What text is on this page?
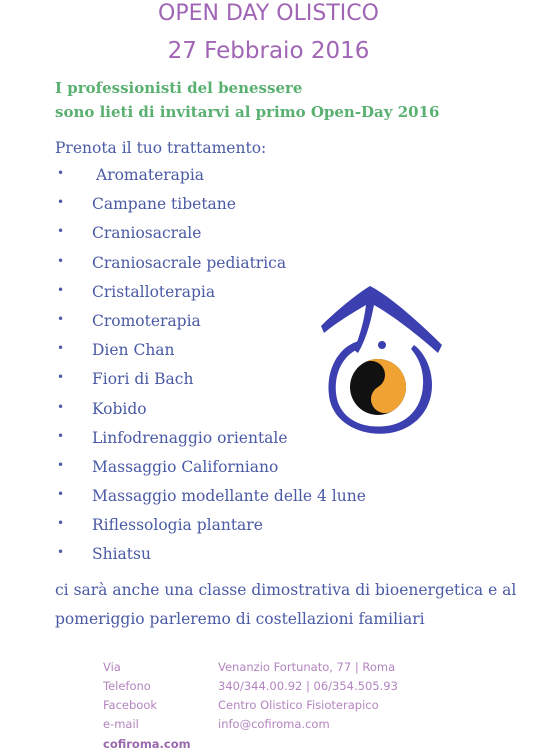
OPEN DAY OLISTICO
27 Febbraio 2016
I professionisti del benessere
sono lieti di invitarvi al primo Open-Day 2016
Prenota il tuo trattamento:
• Aromaterapia
• Campane tibetane
• Craniosacrale
• Craniosacrale pediatrica
• Cristalloterapia
• Cromoterapia
• Dien Chan
• Fiori di Bach
• Kobido
• Linfodrenaggio orientale
• Massaggio Californiano
• Massaggio modellante delle 4 lune
• Riflessologia plantare
• Shiatsu
ci sarà anche una classe dimostrativa di bioenergetica e al pomeriggio parleremo di costellazioni familiari
Via
Telefono
Facebook
e-mail
Venanzio Fortunato, 77 | Roma
340/344.00.92 | 06/354.505.93
Centro Olistico Fisioterapico
info@cofiroma.com
cofiroma.com
